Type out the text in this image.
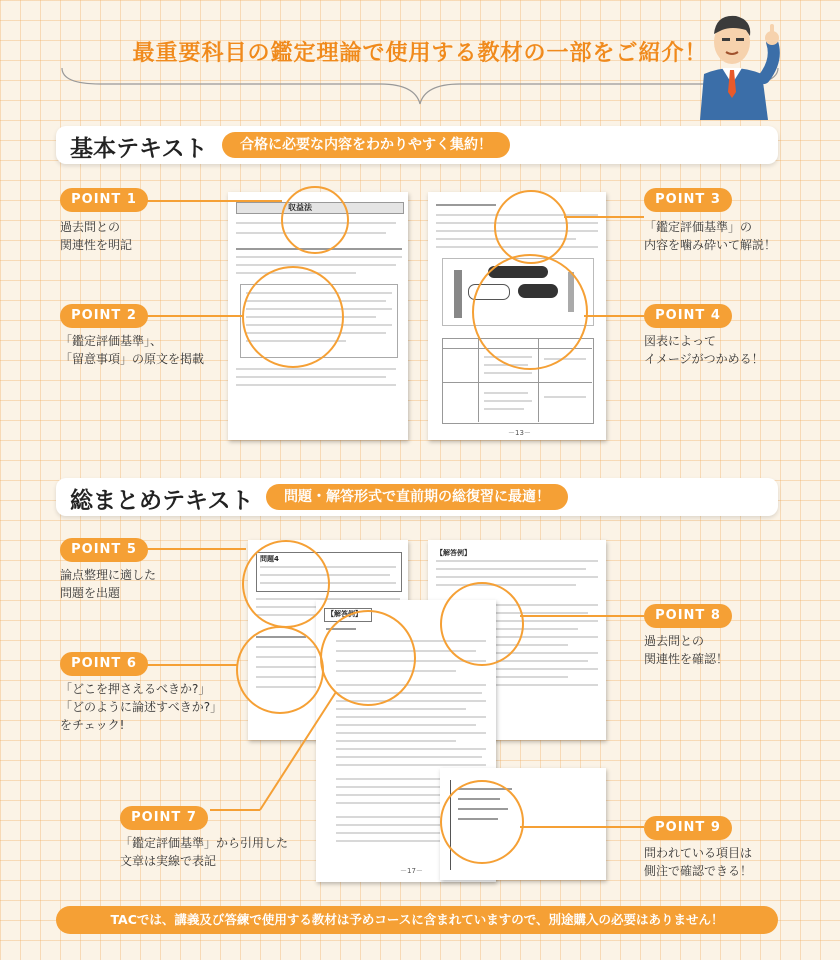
最重要科目の鑑定理論で使用する教材の一部をご紹介！
基本テキスト	合格に必要な内容をわかりやすく集約！
収益法
－13－
POINT 1
過去問との
関連性を明記
POINT 2
「鑑定評価基準」、
「留意事項」の原文を掲載
POINT 3
「鑑定評価基準」の
内容を噛み砕いて解説！
POINT 4
図表によって
イメージがつかめる！
総まとめテキスト	問題・解答形式で直前期の総復習に最適！
問題4
【解答例】
【解答例】
－17－
POINT 5
論点整理に適した
問題を出題
POINT 6
「どこを押さえるべきか?」
「どのように論述すべきか?」
をチェック!
POINT 7
「鑑定評価基準」から引用した
文章は実線で表記
POINT 8
過去問との
関連性を確認！
POINT 9
問われている項目は
側注で確認できる！
TACでは、講義及び答練で使用する教材は予めコースに含まれていますので、別途購入の必要はありません！
